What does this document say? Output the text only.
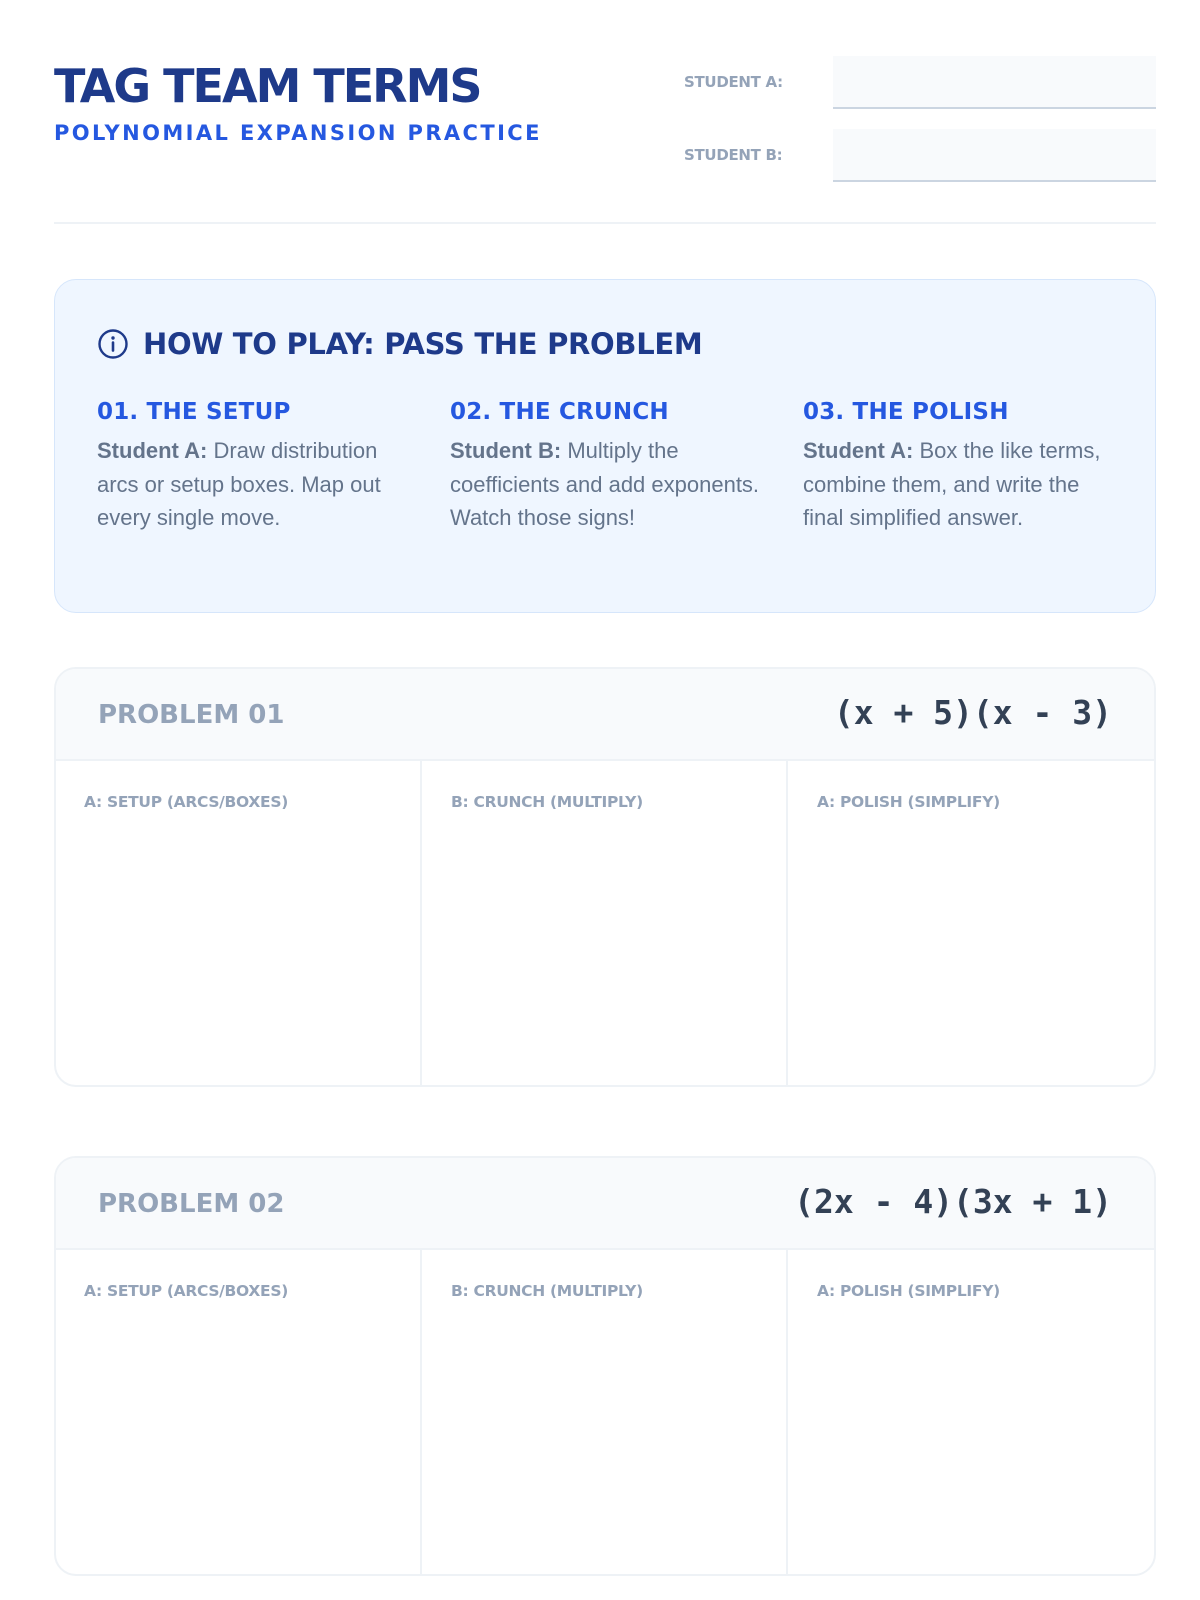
TAG TEAM TERMS
POLYNOMIAL EXPANSION PRACTICE
STUDENT A:
STUDENT B:
HOW TO PLAY: PASS THE PROBLEM
01. THE SETUP
Student A: Draw distribution arcs or setup boxes. Map out every single move.
02. THE CRUNCH
Student B: Multiply the coefficients and add exponents. Watch those signs!
03. THE POLISH
Student A: Box the like terms, combine them, and write the final simplified answer.
PROBLEM 01	(x + 5)(x - 3)
A: SETUP (ARCS/BOXES)	B: CRUNCH (MULTIPLY)	A: POLISH (SIMPLIFY)
PROBLEM 02	(2x - 4)(3x + 1)
A: SETUP (ARCS/BOXES)	B: CRUNCH (MULTIPLY)	A: POLISH (SIMPLIFY)
